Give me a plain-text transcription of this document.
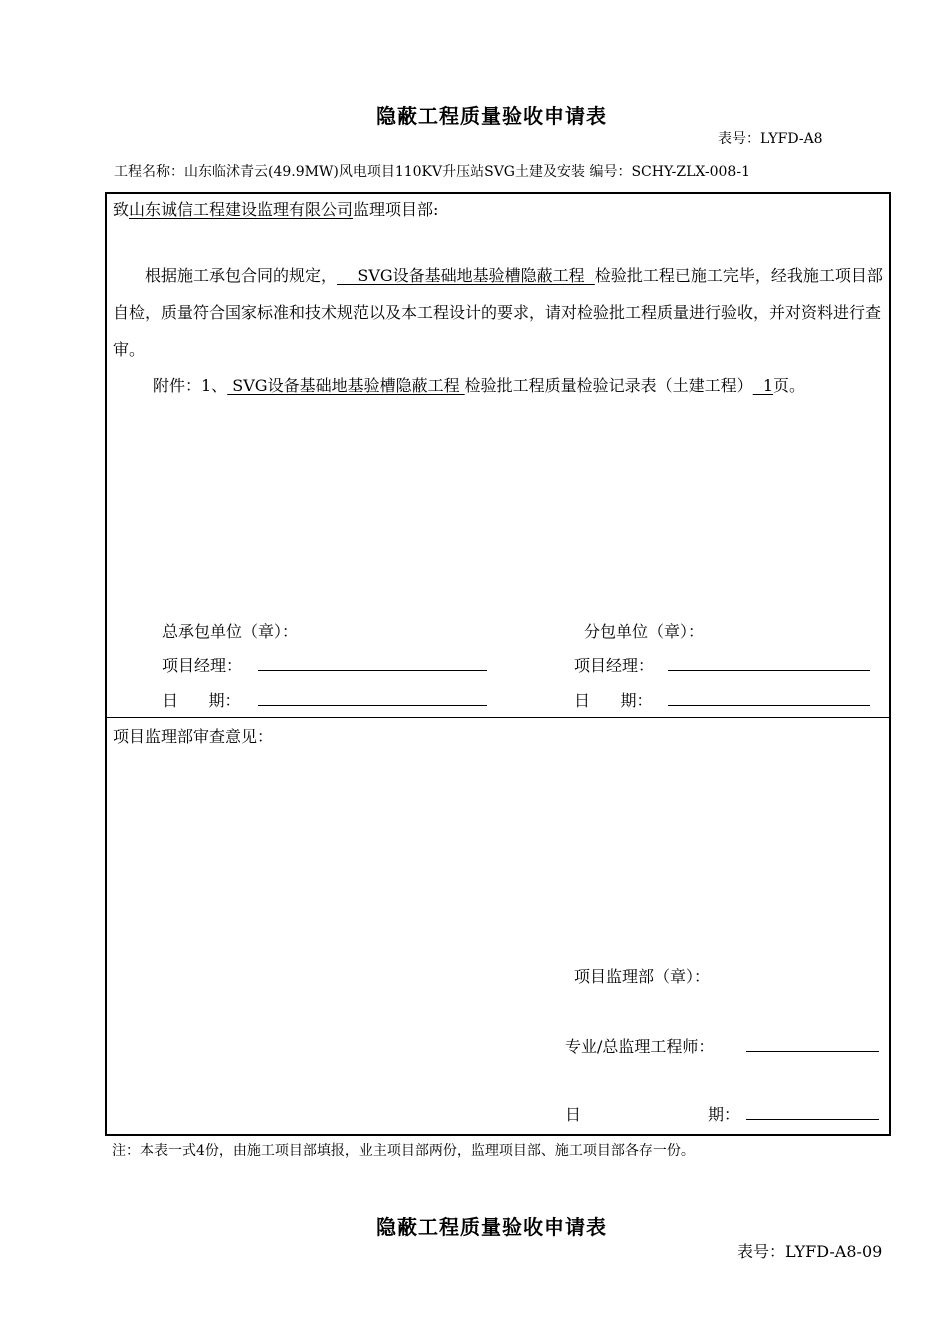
隐蔽工程质量验收申请表
表号：LYFD-A8
工程名称：山东临沭青云(49.9MW)风电项目110KV升压站SVG土建及安装 编号：SCHY-ZLX-008-1
致山东诚信工程建设监理有限公司监理项目部:
根据施工承包合同的规定，    SVG设备基础地基验槽隐蔽工程  检验批工程已施工完毕，经我施工项目部自检，质量符合国家标准和技术规范以及本工程设计的要求，请对检验批工程质量进行验收，并对资料进行查审。
附件：1、 SVG设备基础地基验槽隐蔽工程 检验批工程质量检验记录表（土建工程）  1页。
总承包单位（章）：	分包单位（章）：
项目经理：	项目经理：
日      期：	日      期：
项目监理部审查意见：
项目监理部（章）：
专业/总监理工程师：
日	期：
注：本表一式4份，由施工项目部填报，业主项目部两份，监理项目部、施工项目部各存一份。
隐蔽工程质量验收申请表
表号：LYFD-A8-09
